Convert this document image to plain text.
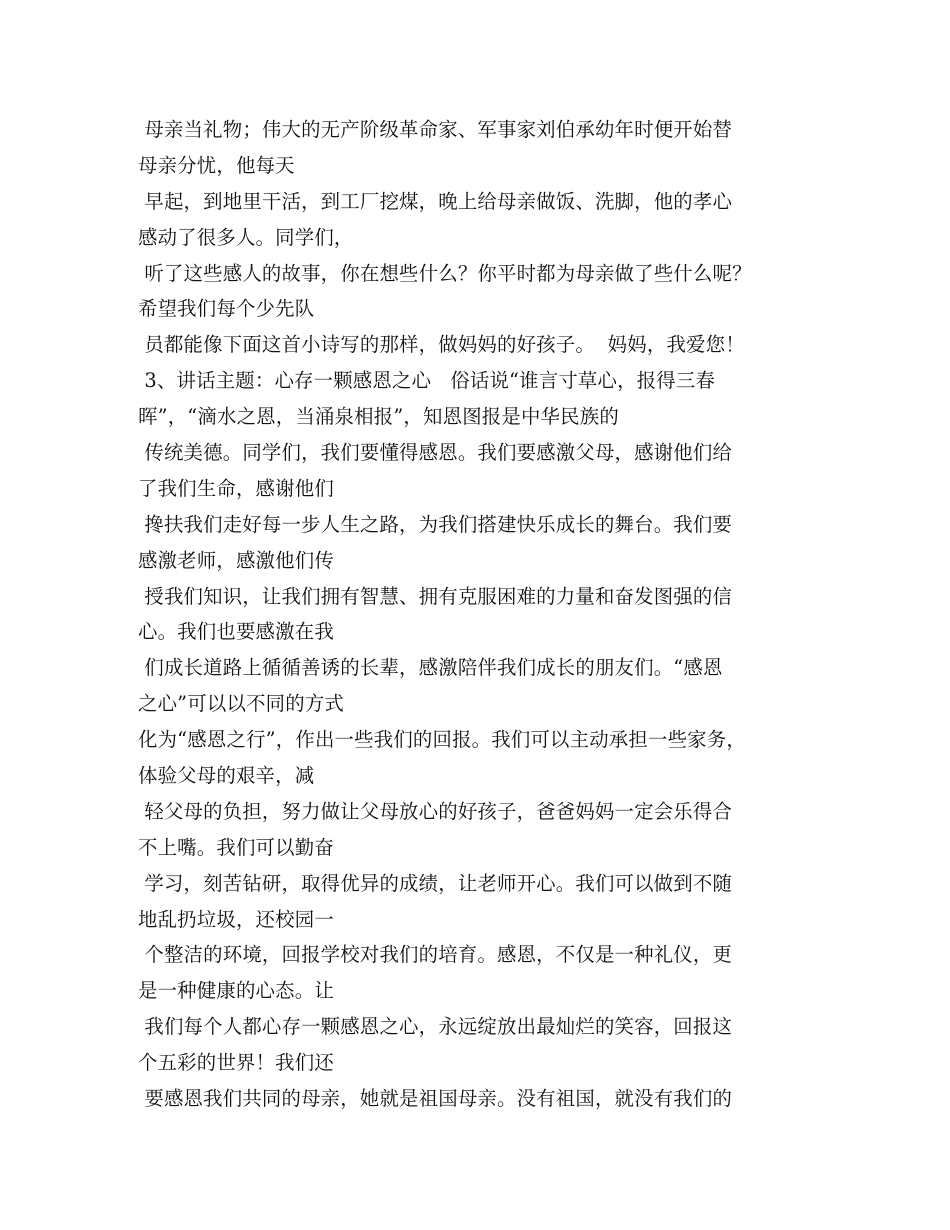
母亲当礼物；伟大的无产阶级革命家、军事家刘伯承幼年时便开始替
母亲分忧，他每天
早起，到地里干活，到工厂挖煤，晚上给母亲做饭、洗脚，他的孝心
感动了很多人。同学们，
听了这些感人的故事，你在想些什么？你平时都为母亲做了些什么呢？
希望我们每个少先队
员都能像下面这首小诗写的那样，做妈妈的好孩子。  妈妈，我爱您！
3、讲话主题：心存一颗感恩之心   俗话说“谁言寸草心，报得三春
晖”，“滴水之恩，当涌泉相报”，知恩图报是中华民族的
传统美德。同学们，我们要懂得感恩。我们要感激父母，感谢他们给
了我们生命，感谢他们
搀扶我们走好每一步人生之路，为我们搭建快乐成长的舞台。我们要
感激老师，感激他们传
授我们知识，让我们拥有智慧、拥有克服困难的力量和奋发图强的信
心。我们也要感激在我
们成长道路上循循善诱的长辈，感激陪伴我们成长的朋友们。“感恩
之心”可以以不同的方式
化为“感恩之行”，作出一些我们的回报。我们可以主动承担一些家务，
体验父母的艰辛，减
轻父母的负担，努力做让父母放心的好孩子，爸爸妈妈一定会乐得合
不上嘴。我们可以勤奋
学习，刻苦钻研，取得优异的成绩，让老师开心。我们可以做到不随
地乱扔垃圾，还校园一
个整洁的环境，回报学校对我们的培育。感恩，不仅是一种礼仪，更
是一种健康的心态。让
我们每个人都心存一颗感恩之心，永远绽放出最灿烂的笑容，回报这
个五彩的世界！我们还
要感恩我们共同的母亲，她就是祖国母亲。没有祖国，就没有我们的
